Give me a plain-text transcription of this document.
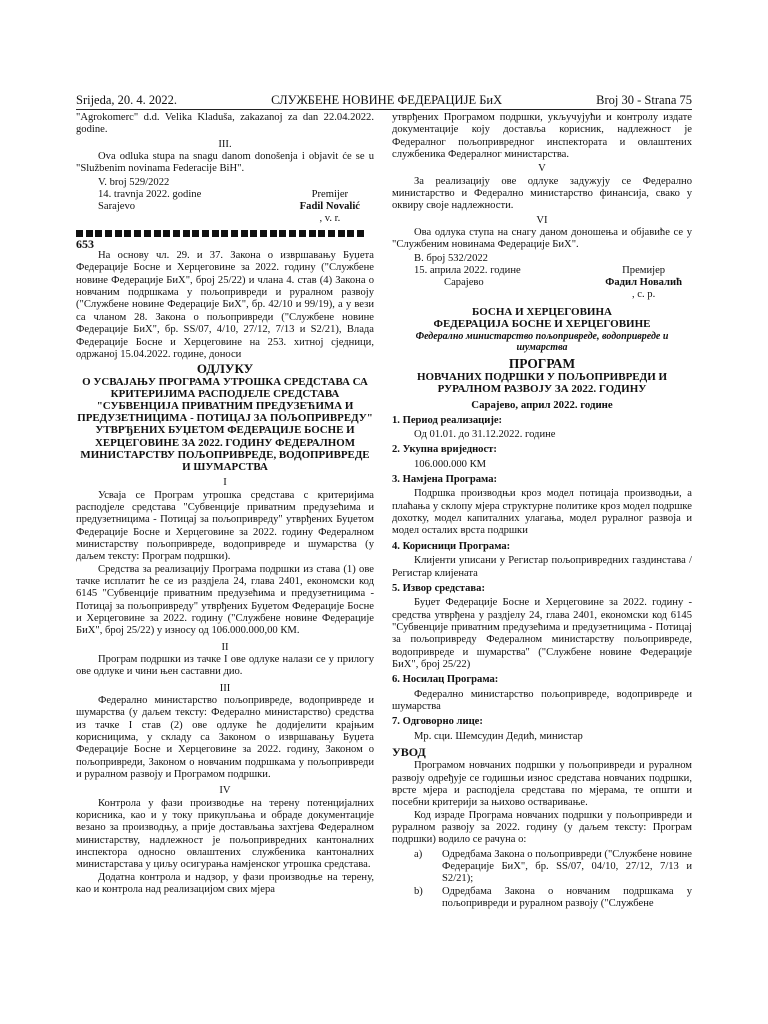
Srijeda, 20. 4. 2022.	СЛУЖБЕНЕ НОВИНЕ ФЕДЕРАЦИЈЕ БиХ	Broj 30 - Strana 75

"Agrokomerc" d.d. Velika Kladuša, zakazanoj za dan 22.04.2022. godine.

III.

Ova odluka stupa na snagu danom donošenja i objavit će se u "Službenim novinama Federacije BiH".

V. broj 529/2022
14. travnja 2022. godine
Sarajevo
Premijer
Fadil Novalić
, v. r.
653

На основу чл. 29. и 37. Закона о извршавању Буџета Федерације Босне и Херцеговине за 2022. годину ("Службене новине Федерације БиХ", број 25/22) и члана 4. став (4) Закона о новчаним подршкама у пољопривреди и руралном развоју ("Службене новине Федерације БиХ", бр. 42/10 и 99/19), а у вези са чланом 28. Закона о пољопривреди ("Службене новине Федерације БиХ", бр. SS/07, 4/10, 27/12, 7/13 и S2/21), Влада Федерације Босне и Херцеговине на 253. хитној сједници, одржаној 15.04.2022. године, доноси

ОДЛУКУ
О УСВАЈАЊУ ПРОГРАМА УТРОШКА СРЕДСТАВА СА КРИТЕРИЈИМА РАСПОДЈЕЛЕ СРЕДСТАВА "СУБВЕНЦИЈА ПРИВАТНИМ ПРЕДУЗЕЋИМА И ПРЕДУЗЕТНИЦИМА - ПОТИЦАЈ ЗА ПОЉОПРИВРЕДУ" УТВРЂЕНИХ БУЏЕТОМ ФЕДЕРАЦИЈЕ БОСНЕ И ХЕРЦЕГОВИНЕ ЗА 2022. ГОДИНУ ФЕДЕРАЛНОМ МИНИСТАРСТВУ ПОЉОПРИВРЕДЕ, ВОДОПРИВРЕДЕ И ШУМАРСТВА

I

Усваја се Програм утрошка средстава с критеријима расподјеле средстава "Субвенције приватним предузећима и предузетницима - Потицај за пољопривреду" утврђених Буџетом Федерације Босне и Херцеговине за 2022. годину Федералном министарству пољопривреде, водопривреде и шумарства (у даљем тексту: Програм подршки).

Средства за реализацију Програма подршки из става (1) ове тачке исплатит ће се из раздјела 24, глава 2401, економски код 6145 "Субвенције приватним предузећима и предузетницима - Потицај за пољопривреду" утврђених Буџетом Федерације Босне и Херцеговине за 2022. годину ("Службене новине Федерације БиХ", број 25/22) у износу од 106.000.000,00 КМ.

II

Програм подршки из тачке I ове одлуке налази се у прилогу ове одлуке и чини њен саставни дио.

III

Федерално министарство пољопривреде, водопривреде и шумарства (у даљем тексту: Федерално министарство) средства из тачке I став (2) ове одлуке ће додијелити крајњим корисницима, у складу са Законом о извршавању Буџета Федерације Босне и Херцеговине за 2022. годину, Законом о пољопривреди, Законом о новчаним подршкама у пољопривреди и руралном развоју и Програмом подршки.

IV

Контрола у фази производње на терену потенцијалних корисника, као и у току прикупљања и обраде документације везано за производњу, а прије достављања захтјева Федералном министарству, надлежност је пољопривредних кантоналних инспектора односно овлаштених службеника кантоналних министарстава у циљу осигурања намјенског утрошка средстава.

Додатна контрола и надзор, у фази производње на терену, као и контрола над реализацијом свих мјера

утврђених Програмом подршки, укључујући и контролу издате документације коју доставља корисник, надлежност је Федералног пољопривредног инспектората и овлаштених службеника Федералног министарства.

V

За реализацију ове одлуке задужују се Федерално министарство и Федерално министарство финансија, свако у оквиру своје надлежности.

VI

Ова одлука ступа на снагу даном доношења и објавиће се у "Службеним новинама Федерације БиХ".

В. број 532/2022
15. априла 2022. године
Сарајево
Премијер
Фадил Новалић
, с. р.
БОСНА И ХЕРЦЕГОВИНА
ФЕДЕРАЦИЈА БОСНЕ И ХЕРЦЕГОВИНЕ
Федерално министарство пољопривреде, водопривреде и шумарства
ПРОГРАМ
НОВЧАНИХ ПОДРШКИ У ПОЉОПРИВРЕДИ И РУРАЛНОМ РАЗВОЈУ ЗА 2022. ГОДИНУ
Сарајево, април 2022. године

1. Период реализације:

Од 01.01. до 31.12.2022. године

2. Укупна вриједност:

106.000.000 КМ

3. Намјена Програма:

Подршка производњи кроз модел потицаја производњи, а плаћања у склопу мјера структурне политике кроз модел подршке дохотку, модел капиталних улагања, модел руралног развоја и модел осталих врста подршки

4. Корисници Програма:

Клијенти уписани у Регистар пољопривредних газдинстава /Регистар клијената

5. Извор средстава:

Буџет Федерације Босне и Херцеговине за 2022. годину - средства утврђена у раздјелу 24, глава 2401, економски код 6145 "Субвенције приватним предузећима и предузетницима - Потицај за пољопривреду Федералном министарству пољопривреде, водопривреде и шумарства" ("Службене новине Федерације БиХ", број 25/22)

6. Носилац Програма:

Федерално министарство пољопривреде, водопривреде и шумарства

7. Одговорно лице:

Мр. сци. Шемсудин Дедић, министар

УВОД

Програмом новчаних подршки у пољопривреди и руралном развоју одређује се годишњи износ средстава новчаних подршки, врсте мјера и расподјела средстава по мјерама, те општи и посебни критерији за њихово остваривање.

Код израде Програма новчаних подршки у пољопривреди и руралном развоју за 2022. годину (у даљем тексту: Програм подршки) водило се рачуна о:

a)	Одредбама Закона о пољопривреди ("Службене новине Федерације БиХ", бр. SS/07, 04/10, 27/12, 7/13 и S2/21);
b)	Одредбама Закона о новчаним подршкама у пољопривреди и руралном развоју ("Службене
